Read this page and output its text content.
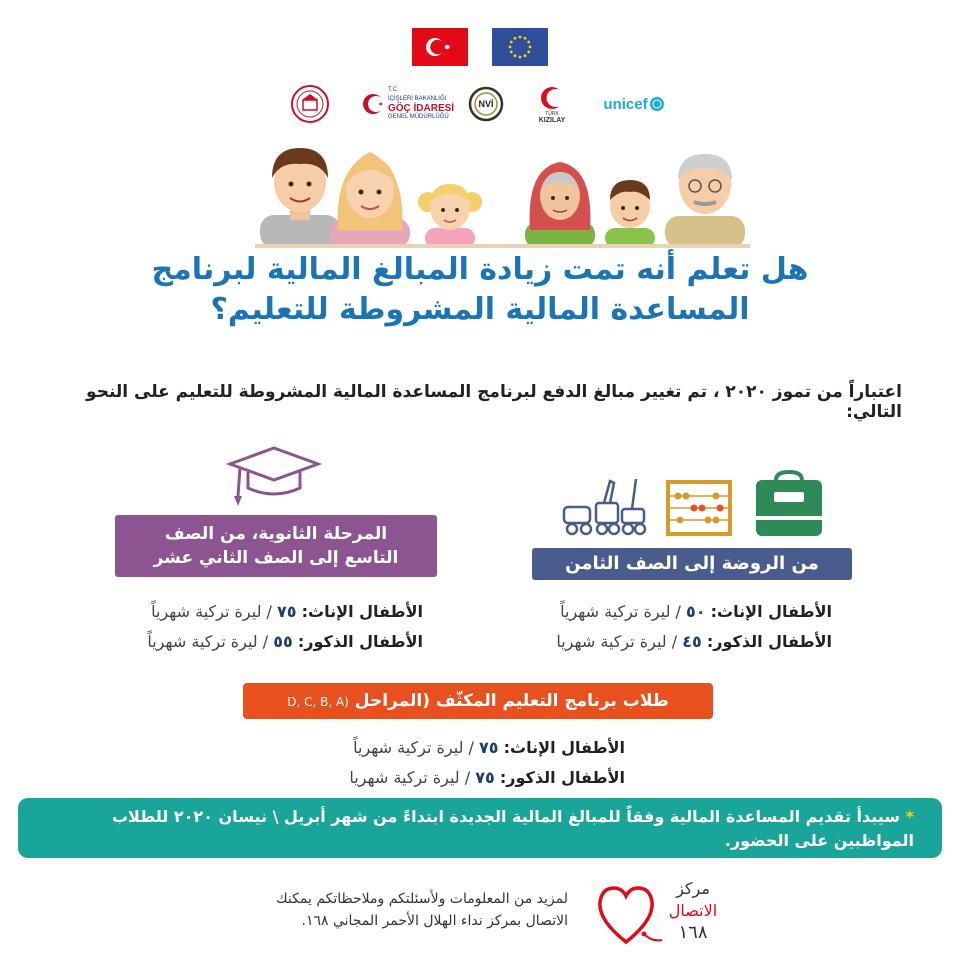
T.C.
İÇİŞLERİ BAKANLIĞI
GÖÇ İDARESİ
GENEL MÜDÜRLÜĞÜ
NVİ
TÜRK
KIZILAY
unicef
هل تعلم أنه تمت زيادة المبالغ المالية لبرنامج
المساعدة المالية المشروطة للتعليم؟
اعتباراً من تموز ٢٠٢٠ ، تم تغيير مبالغ الدفع لبرنامج المساعدة المالية المشروطة للتعليم على النحو التالي:
من الروضة إلى الصف الثامن
المرحلة الثانوية، من الصف
التاسع إلى الصف الثاني عشر
الأطفال الإناث: ٥٠ / ليرة تركية شهرياً
الأطفال الذكور: ٤٥ / ليرة تركية شهريا
الأطفال الإناث: ٧٥ / ليرة تركية شهرياً
الأطفال الذكور: ٥٥ / ليرة تركية شهرياً
طلاب برنامج التعليم المكثّف (المراحل D, C, B, A)
الأطفال الإناث: ٧٥ / ليرة تركية شهرياً
الأطفال الذكور: ٧٥ / ليرة تركية شهريا
* سيبدأ تقديم المساعدة المالية وفقاً للمبالغ المالية الجديدة ابتداءً من شهر أبريل \ نيسان ٢٠٢٠ للطلاب المواظبين على الحضور.
لمزيد من المعلومات ولأسئلتكم وملاحظاتكم يمكنك الاتصال بمركز نداء الهلال الأحمر المجاني ١٦٨.
مركز
الاتصال
١٦٨
